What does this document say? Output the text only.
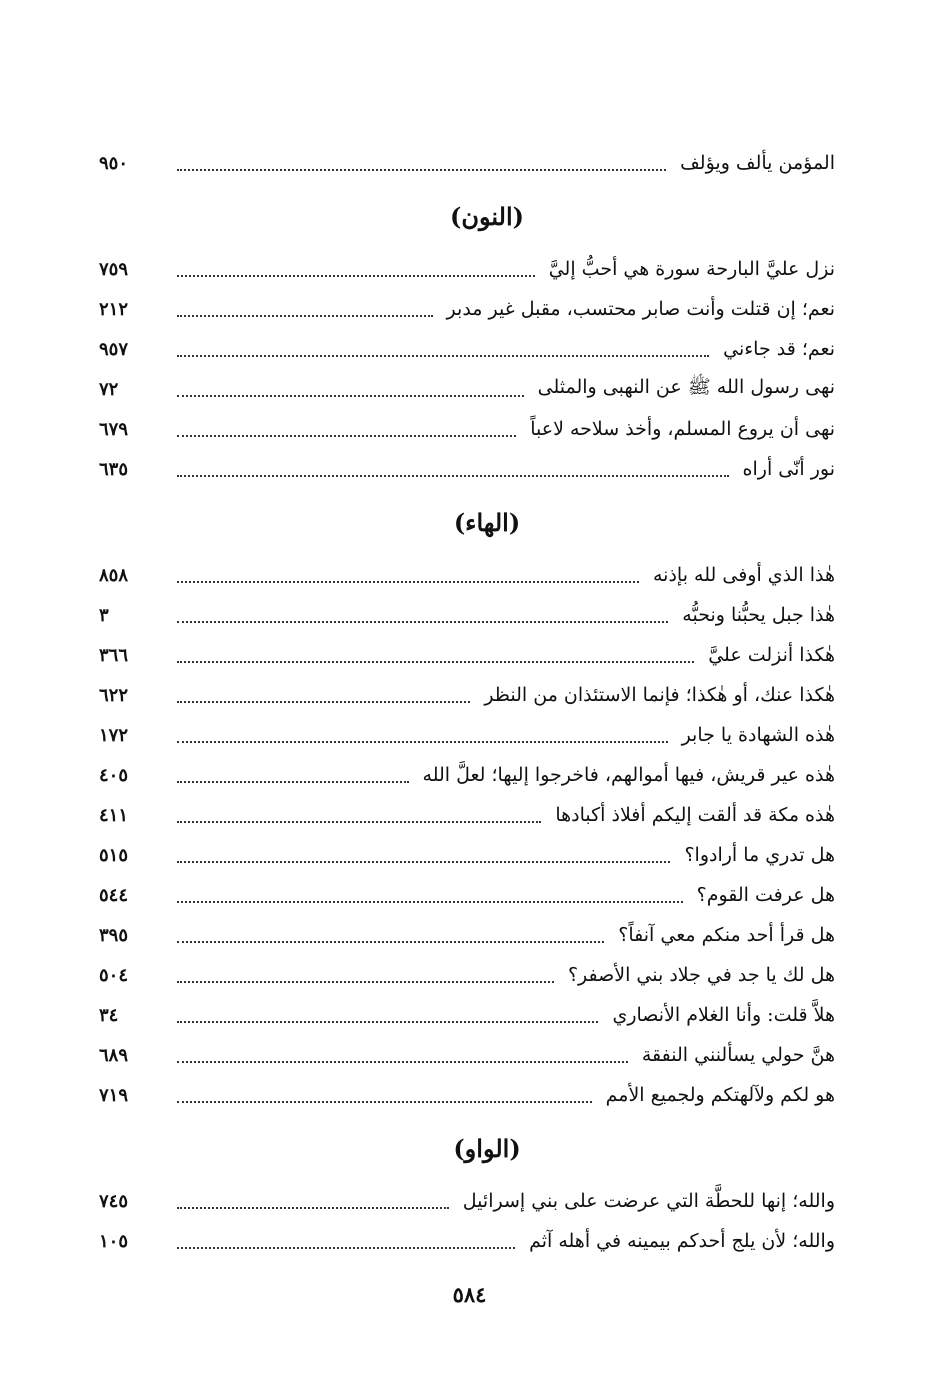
المؤمن يألف ويؤلف
٩٥٠
(النون)
نزل عليَّ البارحة سورة هي أحبُّ إليَّ
٧٥٩
نعم؛ إن قتلت وأنت صابر محتسب، مقبل غير مدبر
٢١٢
نعم؛ قد جاءني
٩٥٧
نهى رسول الله ﷺ عن النهبى والمثلى
٧٢
نهى أن يروع المسلم، وأخذ سلاحه لاعباً
٦٧٩
نور أنّى أراه
٦٣٥
(الهاء)
هٰذا الذي أوفى لله بإذنه
٨٥٨
هٰذا جبل يحبُّنا ونحبُّه
٣
هٰكذا أنزلت عليَّ
٣٦٦
هٰكذا عنك، أو هٰكذا؛ فإنما الاستئذان من النظر
٦٢٢
هٰذه الشهادة يا جابر
١٧٢
هٰذه عير قريش، فيها أموالهم، فاخرجوا إليها؛ لعلَّ الله
٤٠٥
هٰذه مكة قد ألقت إليكم أفلاذ أكبادها
٤١١
هل تدري ما أرادوا؟
٥١٥
هل عرفت القوم؟
٥٤٤
هل قرأ أحد منكم معي آنفاً؟
٣٩٥
هل لك يا جد في جلاد بني الأصفر؟
٥٠٤
هلاَّ قلت: وأنا الغلام الأنصاري
٣٤
هنَّ حولي يسألنني النفقة
٦٨٩
هو لكم ولآلهتكم ولجميع الأمم
٧١٩
(الواو)
والله؛ إنها للحطَّة التي عرضت على بني إسرائيل
٧٤٥
والله؛ لأن يلج أحدكم بيمينه في أهله آثم
١٠٥
٥٨٤
